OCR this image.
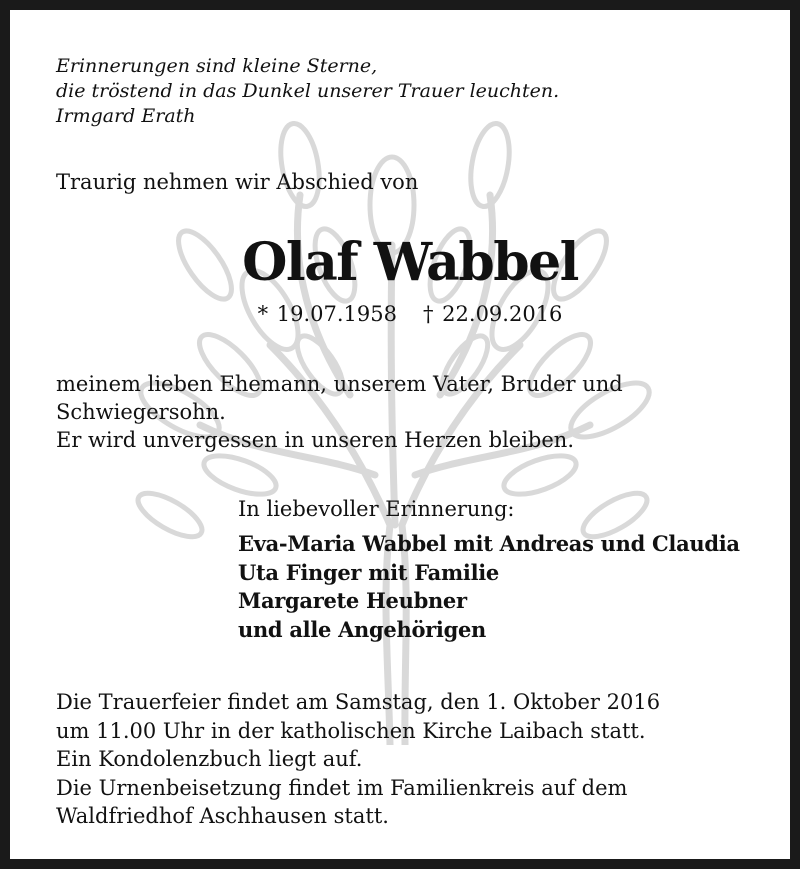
Erinnerungen sind kleine Sterne,
die tröstend in das Dunkel unserer Trauer leuchten.
Irmgard Erath

Traurig nehmen wir Abschied von

Olaf Wabbel

* 19.07.1958 † 22.09.2016

meinem lieben Ehemann, unserem Vater, Bruder und
Schwiegersohn.
Er wird unvergessen in unseren Herzen bleiben.

In liebevoller Erinnerung:

Eva-Maria Wabbel mit Andreas und Claudia
Uta Finger mit Familie
Margarete Heubner
und alle Angehörigen
Die Trauerfeier findet am Samstag, den 1. Oktober 2016
um 11.00 Uhr in der katholischen Kirche Laibach statt.
Ein Kondolenzbuch liegt auf.
Die Urnenbeisetzung findet im Familienkreis auf dem
Waldfriedhof Aschhausen statt.
